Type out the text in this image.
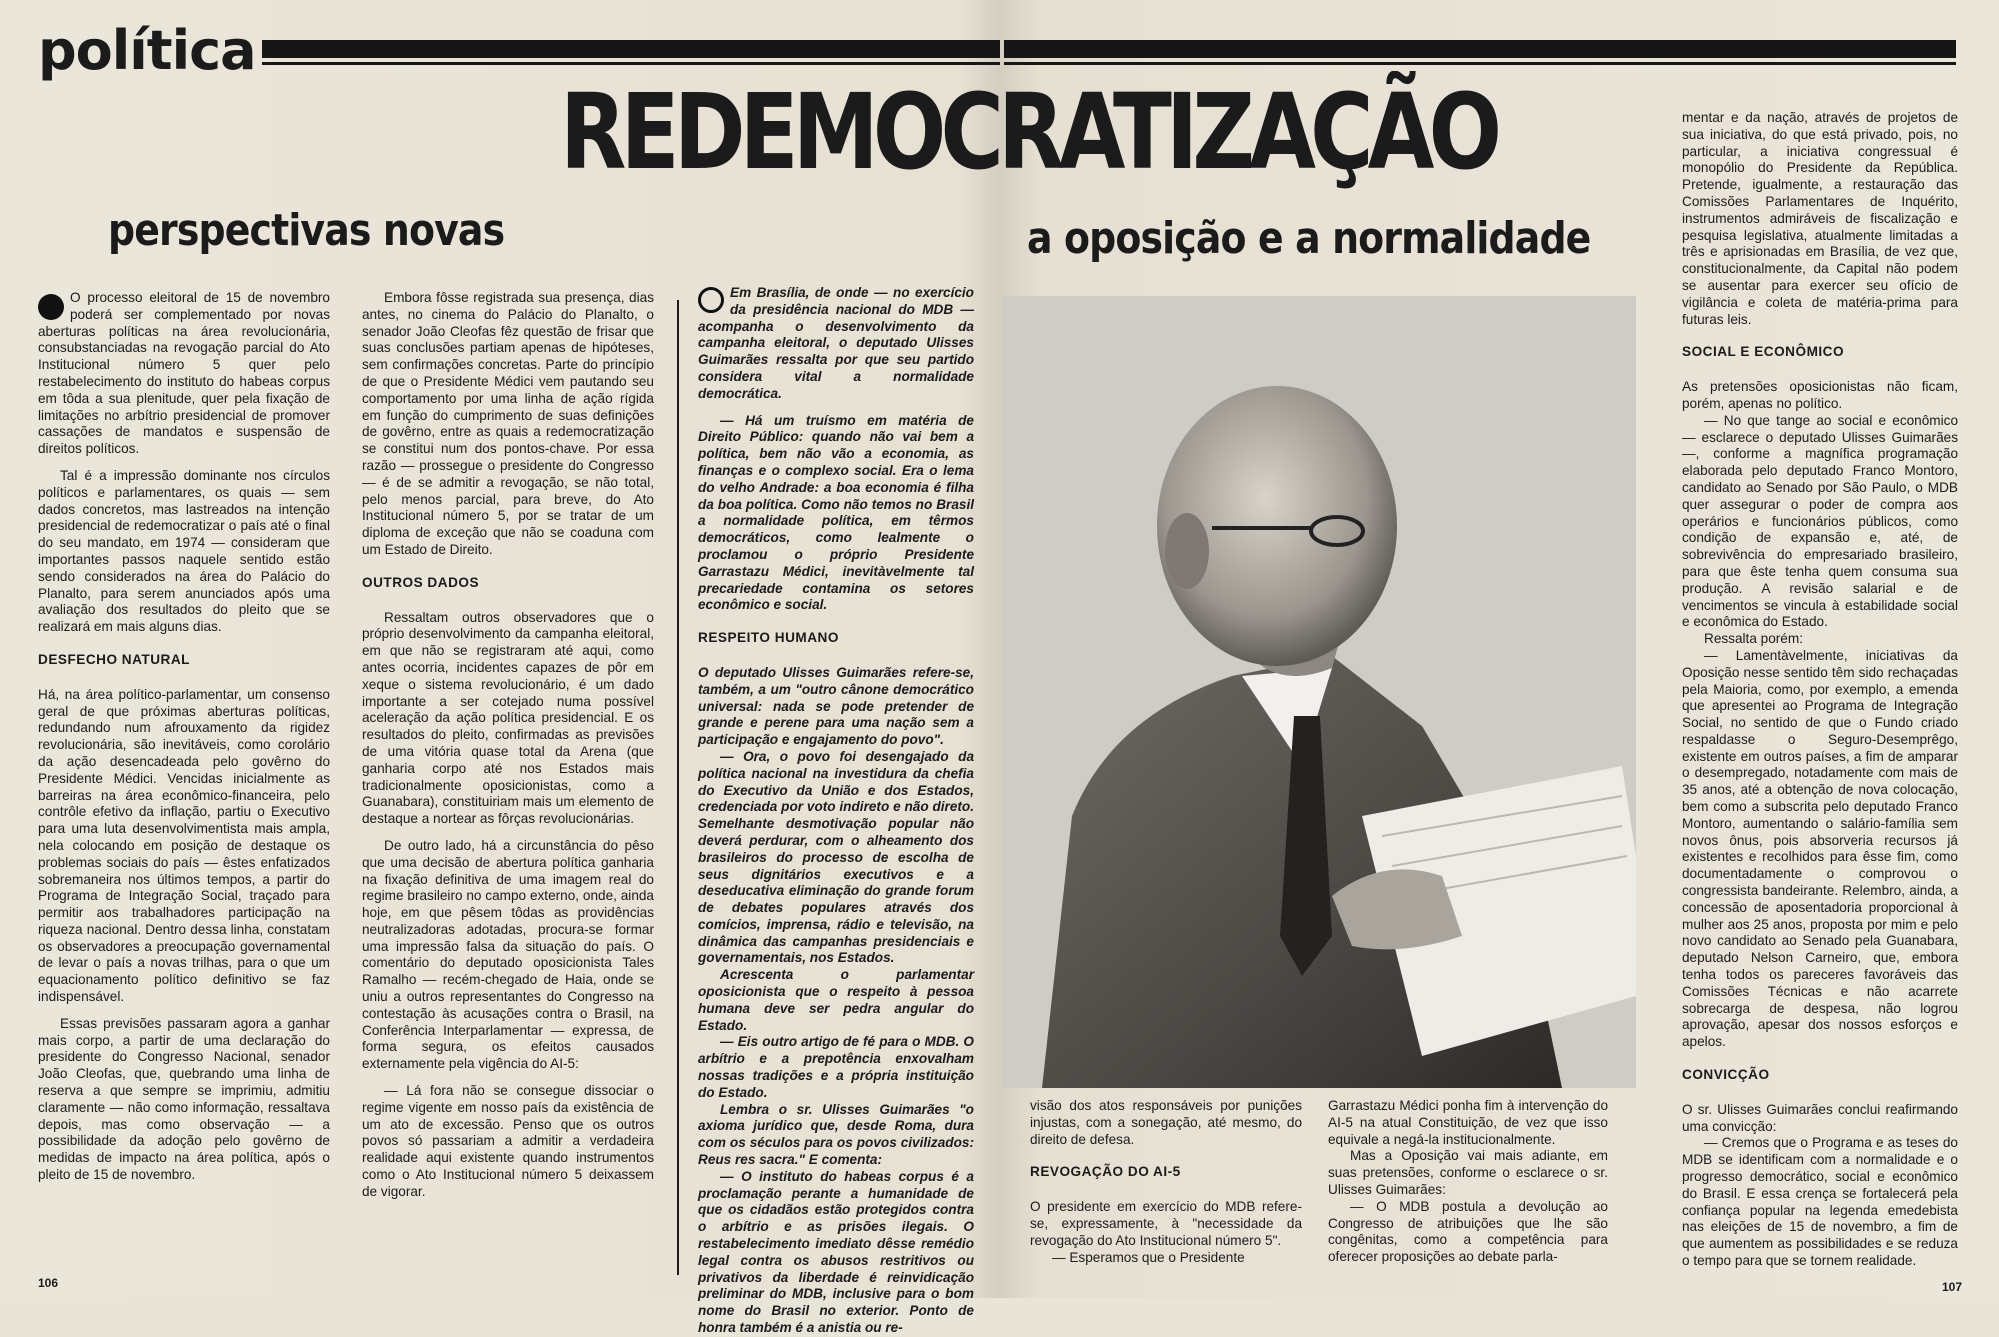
política
REDEMOCRATIZAÇÃO
perspectivas novas	a oposição e a normalidade

O processo eleitoral de 15 de novembro poderá ser complementado por novas aberturas políticas na área revolucionária, consubstanciadas na revogação parcial do Ato Institucional número 5 quer pelo restabelecimento do instituto do habeas corpus em tôda a sua plenitude, quer pela fixação de limitações no arbítrio presidencial de promover cassações de mandatos e suspensão de direitos políticos.

Tal é a impressão dominante nos círculos políticos e parlamentares, os quais — sem dados concretos, mas lastreados na intenção presidencial de redemocratizar o país até o final do seu mandato, em 1974 — consideram que importantes passos naquele sentido estão sendo considerados na área do Palácio do Planalto, para serem anunciados após uma avaliação dos resultados do pleito que se realizará em mais alguns dias.

DESFECHO NATURAL

Há, na área político-parlamentar, um consenso geral de que próximas aberturas políticas, redundando num afrouxamento da rigidez revolucionária, são inevitáveis, como corolário da ação desencadeada pelo govêrno do Presidente Médici. Vencidas inicialmente as barreiras na área econômico-financeira, pelo contrôle efetivo da inflação, partiu o Executivo para uma luta desenvolvimentista mais ampla, nela colocando em posição de destaque os problemas sociais do país — êstes enfatizados sobremaneira nos últimos tempos, a partir do Programa de Integração Social, traçado para permitir aos trabalhadores participação na riqueza nacional. Dentro dessa linha, constatam os observadores a preocupação governamental de levar o país a novas trilhas, para o que um equacionamento político definitivo se faz indispensável.

Essas previsões passaram agora a ganhar mais corpo, a partir de uma declaração do presidente do Congresso Nacional, senador João Cleofas, que, quebrando uma linha de reserva a que sempre se imprimiu, admitiu claramente — não como informação, ressaltava depois, mas como observação — a possibilidade da adoção pelo govêrno de medidas de impacto na área política, após o pleito de 15 de novembro.

Embora fôsse registrada sua presença, dias antes, no cinema do Palácio do Planalto, o senador João Cleofas fêz questão de frisar que suas conclusões partiam apenas de hipóteses, sem confirmações concretas. Parte do princípio de que o Presidente Médici vem pautando seu comportamento por uma linha de ação rígida em função do cumprimento de suas definições de govêrno, entre as quais a redemocratização se constitui num dos pontos-chave. Por essa razão — prossegue o presidente do Congresso — é de se admitir a revogação, se não total, pelo menos parcial, para breve, do Ato Institucional número 5, por se tratar de um diploma de exceção que não se coaduna com um Estado de Direito.

OUTROS DADOS

Ressaltam outros observadores que o próprio desenvolvimento da campanha eleitoral, em que não se registraram até aqui, como antes ocorria, incidentes capazes de pôr em xeque o sistema revolucionário, é um dado importante a ser cotejado numa possível aceleração da ação política presidencial. E os resultados do pleito, confirmadas as previsões de uma vitória quase total da Arena (que ganharia corpo até nos Estados mais tradicionalmente oposicionistas, como a Guanabara), constituiriam mais um elemento de destaque a nortear as fôrças revolucionárias.

De outro lado, há a circunstância do pêso que uma decisão de abertura política ganharia na fixação definitiva de uma imagem real do regime brasileiro no campo externo, onde, ainda hoje, em que pêsem tôdas as providências neutralizadoras adotadas, procura-se formar uma impressão falsa da situação do país. O comentário do deputado oposicionista Tales Ramalho — recém-chegado de Haia, onde se uniu a outros representantes do Congresso na contestação às acusações contra o Brasil, na Conferência Interparlamentar — expressa, de forma segura, os efeitos causados externamente pela vigência do AI-5:

— Lá fora não se consegue dissociar o regime vigente em nosso país da existência de um ato de excessão. Penso que os outros povos só passariam a admitir a verdadeira realidade aqui existente quando instrumentos como o Ato Institucional número 5 deixassem de vigorar.

106

Em Brasília, de onde — no exercício da presidência nacional do MDB — acompanha o desenvolvimento da campanha eleitoral, o deputado Ulisses Guimarães ressalta por que seu partido considera vital a normalidade democrática.

— Há um truísmo em matéria de Direito Público: quando não vai bem a política, bem não vão a economia, as finanças e o complexo social. Era o lema do velho Andrade: a boa economia é filha da boa política. Como não temos no Brasil a normalidade política, em têrmos democráticos, como lealmente o proclamou o próprio Presidente Garrastazu Médici, inevitàvelmente tal precariedade contamina os setores econômico e social.

RESPEITO HUMANO

O deputado Ulisses Guimarães refere-se, também, a um "outro cânone democrático universal: nada se pode pretender de grande e perene para uma nação sem a participação e engajamento do povo".

— Ora, o povo foi desengajado da política nacional na investidura da chefia do Executivo da União e dos Estados, credenciada por voto indireto e não direto. Semelhante desmotivação popular não deverá perdurar, com o alheamento dos brasileiros do processo de escolha de seus dignitários executivos e a deseducativa eliminação do grande forum de debates populares através dos comícios, imprensa, rádio e televisão, na dinâmica das campanhas presidenciais e governamentais, nos Estados.

Acrescenta o parlamentar oposicionista que o respeito à pessoa humana deve ser pedra angular do Estado.

— Eis outro artigo de fé para o MDB. O arbítrio e a prepotência enxovalham nossas tradições e a própria instituição do Estado.

Lembra o sr. Ulisses Guimarães "o axioma jurídico que, desde Roma, dura com os séculos para os povos civilizados: Reus res sacra." E comenta:

— O instituto do habeas corpus é a proclamação perante a humanidade de que os cidadãos estão protegidos contra o arbítrio e as prisões ilegais. O restabelecimento imediato dêsse remédio legal contra os abusos restritivos ou privativos da liberdade é reinvidicação preliminar do MDB, inclusive para o bom nome do Brasil no exterior. Ponto de honra também é a anistia ou re-

visão dos atos responsáveis por punições injustas, com a sonegação, até mesmo, do direito de defesa.

REVOGAÇÃO DO AI-5

O presidente em exercício do MDB refere-se, expressamente, à "necessidade da revogação do Ato Institucional número 5".

— Esperamos que o Presidente

Garrastazu Médici ponha fim à intervenção do AI-5 na atual Constituição, de vez que isso equivale a negá-la institucionalmente.

Mas a Oposição vai mais adiante, em suas pretensões, conforme o esclarece o sr. Ulisses Guimarães:

— O MDB postula a devolução ao Congresso de atribuições que lhe são congênitas, como a competência para oferecer proposições ao debate parla-

mentar e da nação, através de projetos de sua iniciativa, do que está privado, pois, no particular, a iniciativa congressual é monopólio do Presidente da República. Pretende, igualmente, a restauração das Comissões Parlamentares de Inquérito, instrumentos admiráveis de fiscalização e pesquisa legislativa, atualmente limitadas a três e aprisionadas em Brasília, de vez que, constitucionalmente, da Capital não podem se ausentar para exercer seu ofício de vigilância e coleta de matéria-prima para futuras leis.

SOCIAL E ECONÔMICO

As pretensões oposicionistas não ficam, porém, apenas no político.

— No que tange ao social e econômico — esclarece o deputado Ulisses Guimarães —, conforme a magnífica programação elaborada pelo deputado Franco Montoro, candidato ao Senado por São Paulo, o MDB quer assegurar o poder de compra aos operários e funcionários públicos, como condição de expansão e, até, de sobrevivência do empresariado brasileiro, para que êste tenha quem consuma sua produção. A revisão salarial e de vencimentos se vincula à estabilidade social e econômica do Estado.

Ressalta porém:

— Lamentàvelmente, iniciativas da Oposição nesse sentido têm sido rechaçadas pela Maioria, como, por exemplo, a emenda que apresentei ao Programa de Integração Social, no sentido de que o Fundo criado respaldasse o Seguro-Desemprêgo, existente em outros países, a fim de amparar o desempregado, notadamente com mais de 35 anos, até a obtenção de nova colocação, bem como a subscrita pelo deputado Franco Montoro, aumentando o salário-família sem novos ônus, pois absorveria recursos já existentes e recolhidos para êsse fim, como documentadamente o comprovou o congressista bandeirante. Relembro, ainda, a concessão de aposentadoria proporcional à mulher aos 25 anos, proposta por mim e pelo novo candidato ao Senado pela Guanabara, deputado Nelson Carneiro, que, embora tenha todos os pareceres favoráveis das Comissões Técnicas e não acarrete sobrecarga de despesa, não logrou aprovação, apesar dos nossos esforços e apelos.

CONVICÇÃO

O sr. Ulisses Guimarães conclui reafirmando uma convicção:

— Cremos que o Programa e as teses do MDB se identificam com a normalidade e o progresso democrático, social e econômico do Brasil. E essa crença se fortalecerá pela confiança popular na legenda emedebista nas eleições de 15 de novembro, a fim de que aumentem as possibilidades e se reduza o tempo para que se tornem realidade.

107
